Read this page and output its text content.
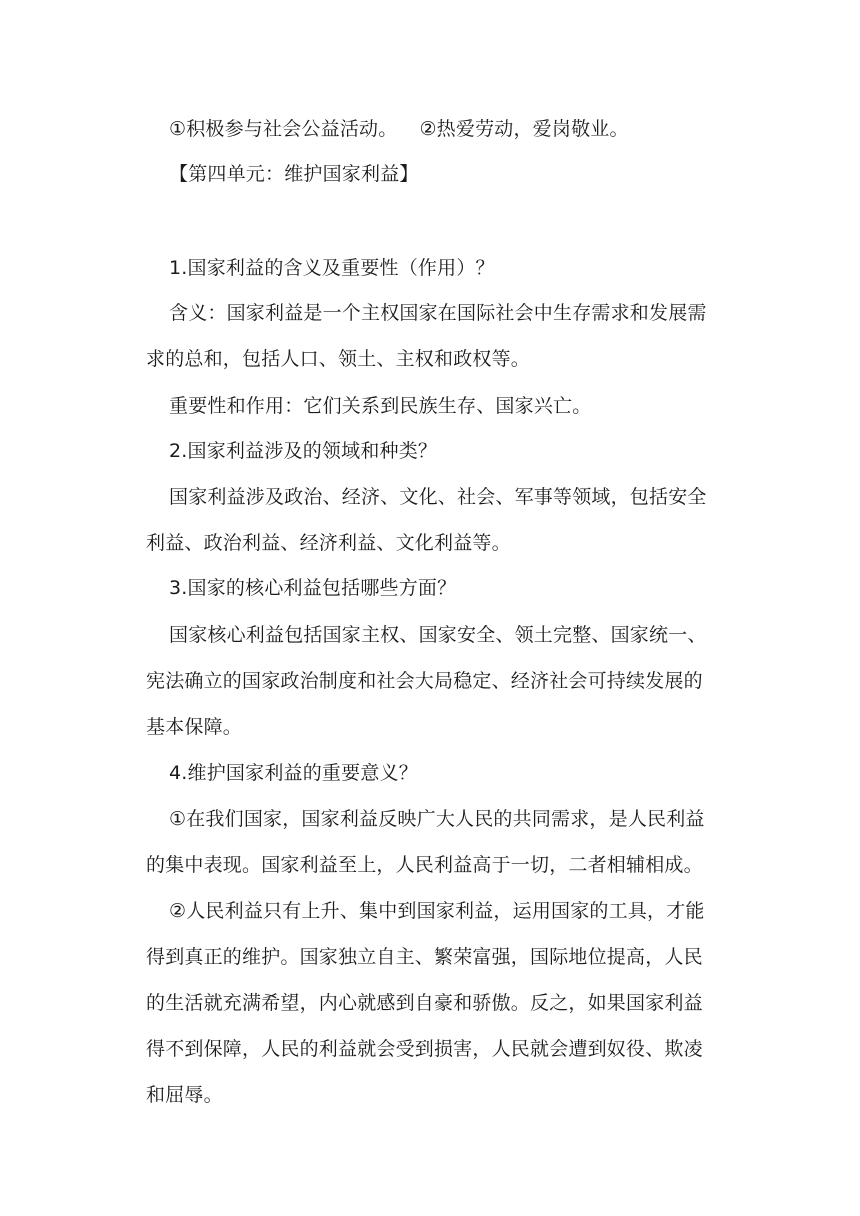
①积极参与社会公益活动。 ②热爱劳动，爱岗敬业。
【第四单元：维护国家利益】
1.国家利益的含义及重要性（作用）？
含义：国家利益是一个主权国家在国际社会中生存需求和发展需
求的总和，包括人口、领土、主权和政权等。
重要性和作用：它们关系到民族生存、国家兴亡。
2.国家利益涉及的领域和种类？
国家利益涉及政治、经济、文化、社会、军事等领域，包括安全
利益、政治利益、经济利益、文化利益等。
3.国家的核心利益包括哪些方面？
国家核心利益包括国家主权、国家安全、领土完整、国家统一、
宪法确立的国家政治制度和社会大局稳定、经济社会可持续发展的
基本保障。
4.维护国家利益的重要意义？
①在我们国家，国家利益反映广大人民的共同需求，是人民利益
的集中表现。国家利益至上，人民利益高于一切，二者相辅相成。
②人民利益只有上升、集中到国家利益，运用国家的工具，才能
得到真正的维护。国家独立自主、繁荣富强，国际地位提高，人民
的生活就充满希望，内心就感到自豪和骄傲。反之，如果国家利益
得不到保障，人民的利益就会受到损害，人民就会遭到奴役、欺凌
和屈辱。
